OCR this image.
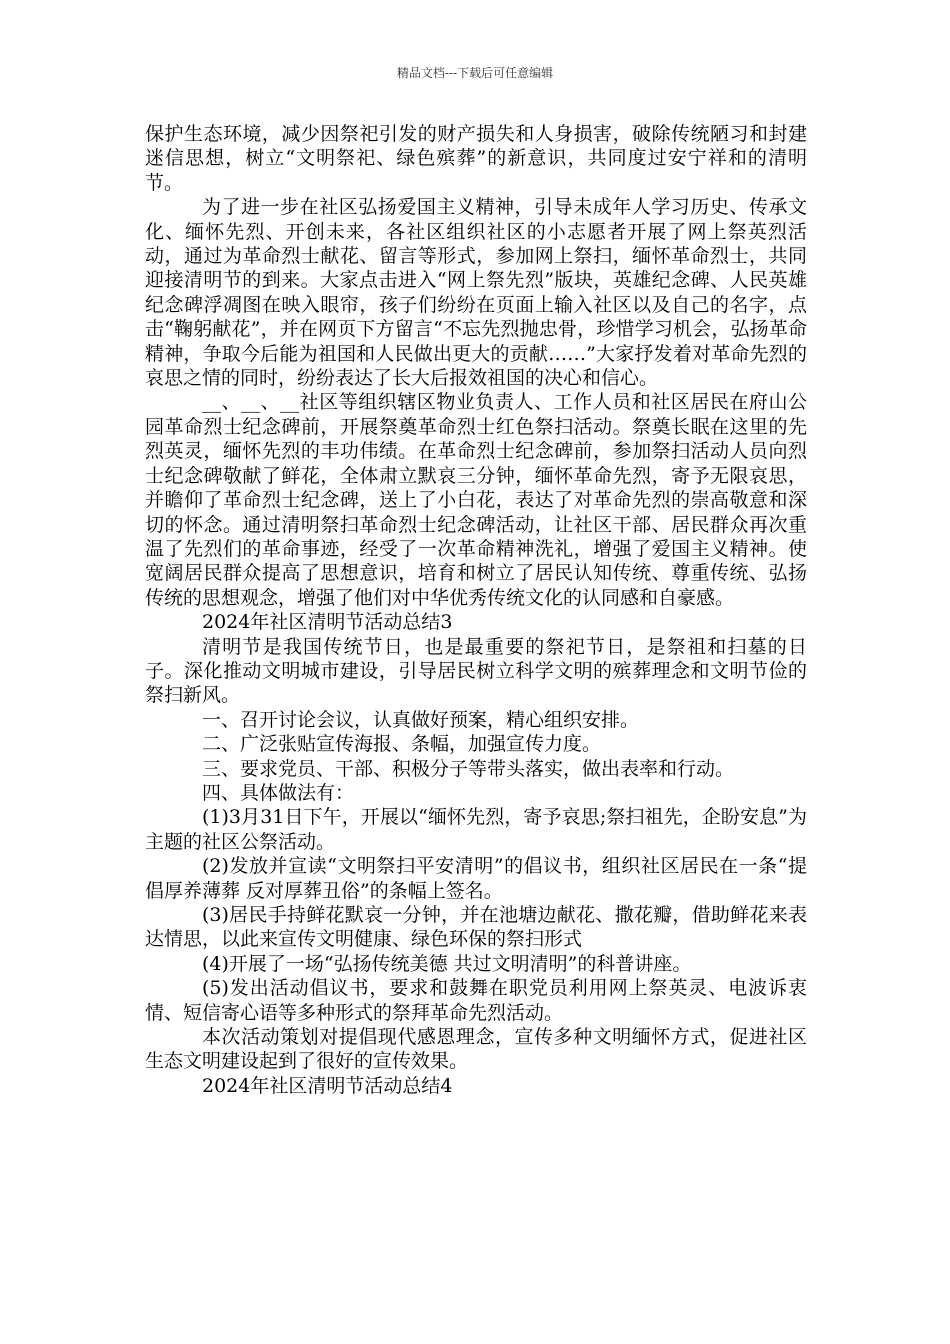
精品文档---下载后可任意编辑

保护生态环境，减少因祭祀引发的财产损失和人身损害，破除传统陋习和封建迷信思想，树立“文明祭祀、绿色殡葬”的新意识，共同度过安宁祥和的清明节。

为了进一步在社区弘扬爱国主义精神，引导未成年人学习历史、传承文化、缅怀先烈、开创未来，各社区组织社区的小志愿者开展了网上祭英烈活动，通过为革命烈士献花、留言等形式，参加网上祭扫，缅怀革命烈士，共同迎接清明节的到来。大家点击进入“网上祭先烈”版块，英雄纪念碑、人民英雄纪念碑浮凋图在映入眼帘，孩子们纷纷在页面上输入社区以及自己的名字，点击“鞠躬献花”，并在网页下方留言“不忘先烈抛忠骨，珍惜学习机会，弘扬革命精神，争取今后能为祖国和人民做出更大的贡献……”大家抒发着对革命先烈的哀思之情的同时，纷纷表达了长大后报效祖国的决心和信心。

__、__、__社区等组织辖区物业负责人、工作人员和社区居民在府山公园革命烈士纪念碑前，开展祭奠革命烈士红色祭扫活动。祭奠长眠在这里的先烈英灵，缅怀先烈的丰功伟绩。在革命烈士纪念碑前，参加祭扫活动人员向烈士纪念碑敬献了鲜花，全体肃立默哀三分钟，缅怀革命先烈，寄予无限哀思，并瞻仰了革命烈士纪念碑，送上了小白花，表达了对革命先烈的崇高敬意和深切的怀念。通过清明祭扫革命烈士纪念碑活动，让社区干部、居民群众再次重温了先烈们的革命事迹，经受了一次革命精神洗礼，增强了爱国主义精神。使宽阔居民群众提高了思想意识，培育和树立了居民认知传统、尊重传统、弘扬传统的思想观念，增强了他们对中华优秀传统文化的认同感和自豪感。

2024年社区清明节活动总结3

清明节是我国传统节日，也是最重要的祭祀节日，是祭祖和扫墓的日子。深化推动文明城市建设，引导居民树立科学文明的殡葬理念和文明节俭的祭扫新风。

一、召开讨论会议，认真做好预案，精心组织安排。

二、广泛张贴宣传海报、条幅，加强宣传力度。

三、要求党员、干部、积极分子等带头落实，做出表率和行动。

四、具体做法有：

(1)3月31日下午，开展以“缅怀先烈，寄予哀思;祭扫祖先，企盼安息”为主题的社区公祭活动。

(2)发放并宣读“文明祭扫平安清明”的倡议书，组织社区居民在一条“提倡厚养薄葬 反对厚葬丑俗”的条幅上签名。

(3)居民手持鲜花默哀一分钟，并在池塘边献花、撒花瓣，借助鲜花来表达情思，以此来宣传文明健康、绿色环保的祭扫形式

(4)开展了一场“弘扬传统美德 共过文明清明”的科普讲座。

(5)发出活动倡议书，要求和鼓舞在职党员利用网上祭英灵、电波诉衷情、短信寄心语等多种形式的祭拜革命先烈活动。

本次活动策划对提倡现代感恩理念，宣传多种文明缅怀方式，促进社区生态文明建设起到了很好的宣传效果。

2024年社区清明节活动总结4
